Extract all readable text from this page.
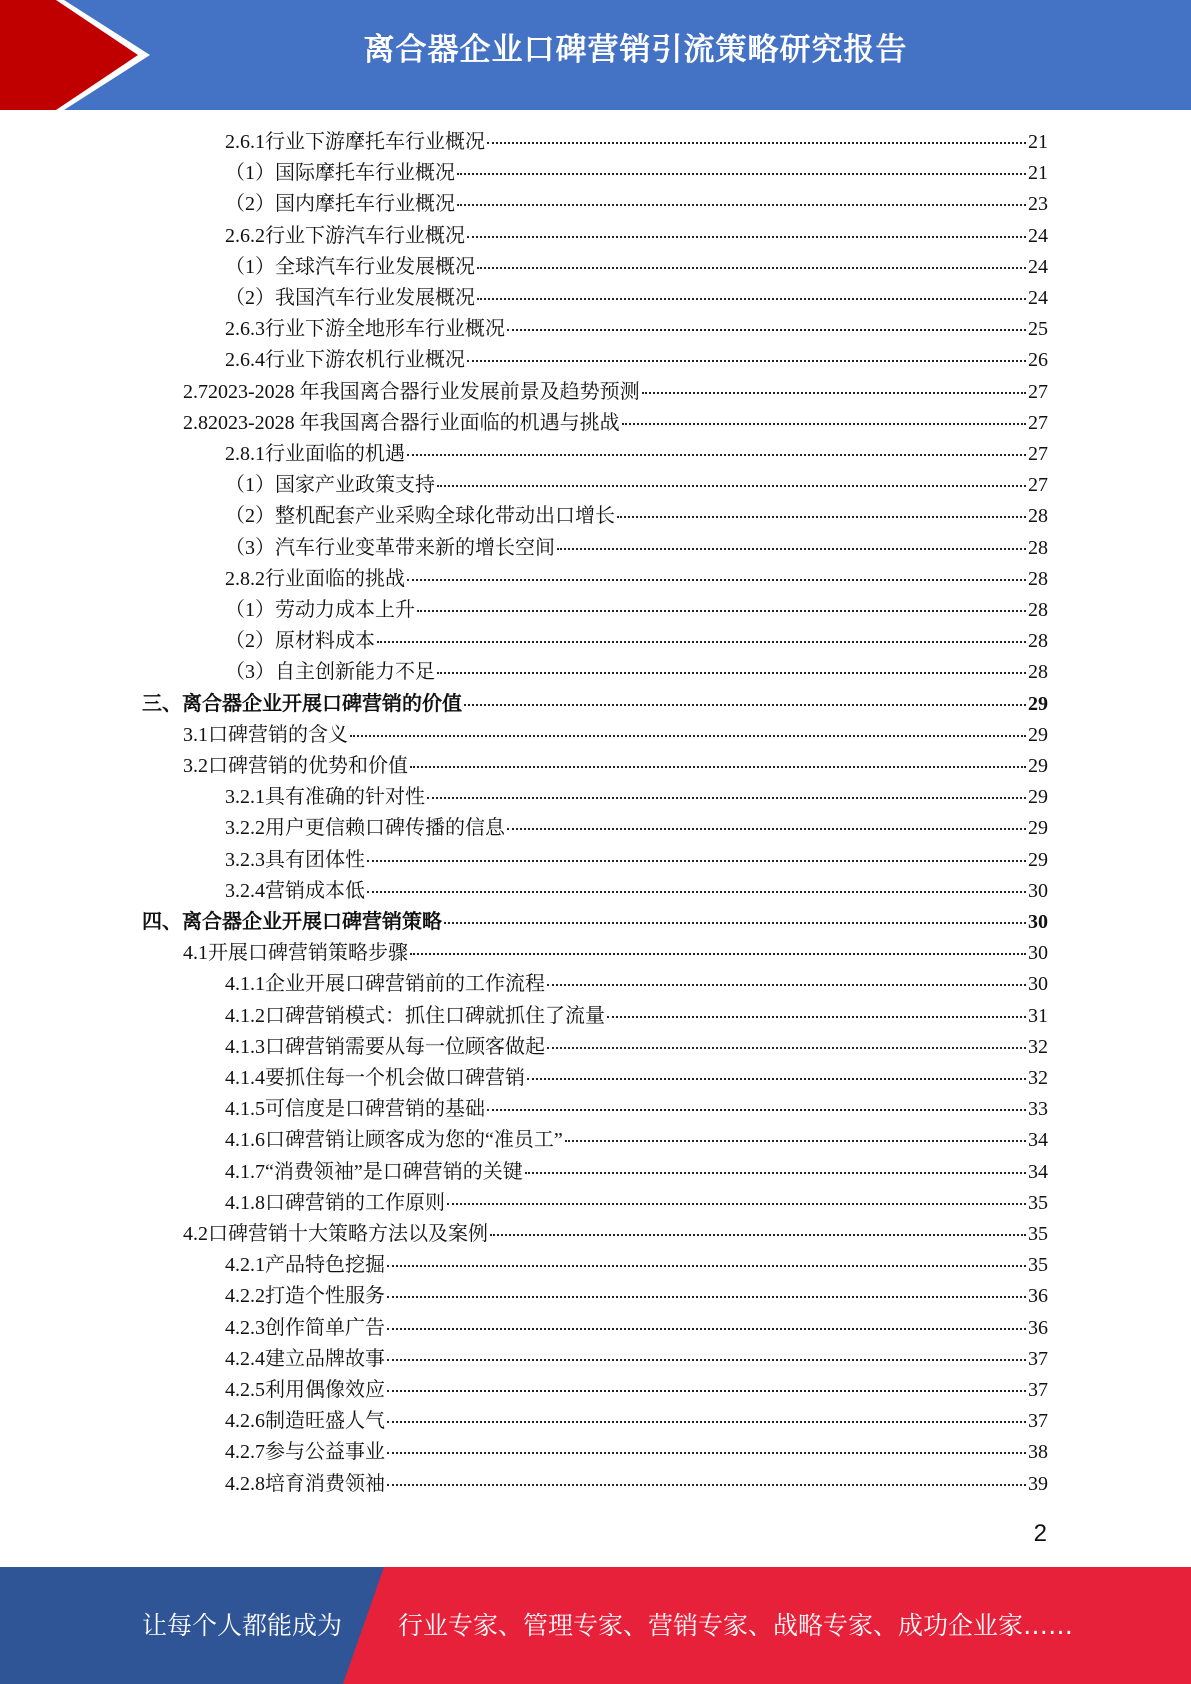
离合器企业口碑营销引流策略研究报告
2.6.1 行业下游摩托车行业概况	21
（1） 国际摩托车行业概况	21
（2） 国内摩托车行业概况	23
2.6.2 行业下游汽车行业概况	24
（1） 全球汽车行业发展概况	24
（2） 我国汽车行业发展概况	24
2.6.3 行业下游全地形车行业概况	25
2.6.4 行业下游农机行业概况	26
2.7 2023-2028 年我国离合器行业发展前景及趋势预测	27
2.8 2023-2028 年我国离合器行业面临的机遇与挑战	27
2.8.1 行业面临的机遇	27
（1） 国家产业政策支持	27
（2） 整机配套产业采购全球化带动出口增长	28
（3） 汽车行业变革带来新的增长空间	28
2.8.2 行业面临的挑战	28
（1） 劳动力成本上升	28
（2） 原材料成本	28
（3） 自主创新能力不足	28
三、 离合器企业开展口碑营销的价值	29
3.1 口碑营销的含义	29
3.2 口碑营销的优势和价值	29
3.2.1 具有准确的针对性	29
3.2.2 用户更信赖口碑传播的信息	29
3.2.3 具有团体性	29
3.2.4 营销成本低	30
四、 离合器企业开展口碑营销策略	30
4.1 开展口碑营销策略步骤	30
4.1.1 企业开展口碑营销前的工作流程	30
4.1.2 口碑营销模式：抓住口碑就抓住了流量	31
4.1.3 口碑营销需要从每一位顾客做起	32
4.1.4 要抓住每一个机会做口碑营销	32
4.1.5 可信度是口碑营销的基础	33
4.1.6 口碑营销让顾客成为您的“准员工”	34
4.1.7 “消费领袖”是口碑营销的关键	34
4.1.8 口碑营销的工作原则	35
4.2 口碑营销十大策略方法以及案例	35
4.2.1 产品特色挖掘	35
4.2.2 打造个性服务	36
4.2.3 创作简单广告	36
4.2.4 建立品牌故事	37
4.2.5 利用偶像效应	37
4.2.6 制造旺盛人气	37
4.2.7 参与公益事业	38
4.2.8 培育消费领袖	39
2
让每个人都能成为 行业专家、管理专家、营销专家、战略专家、成功企业家……
